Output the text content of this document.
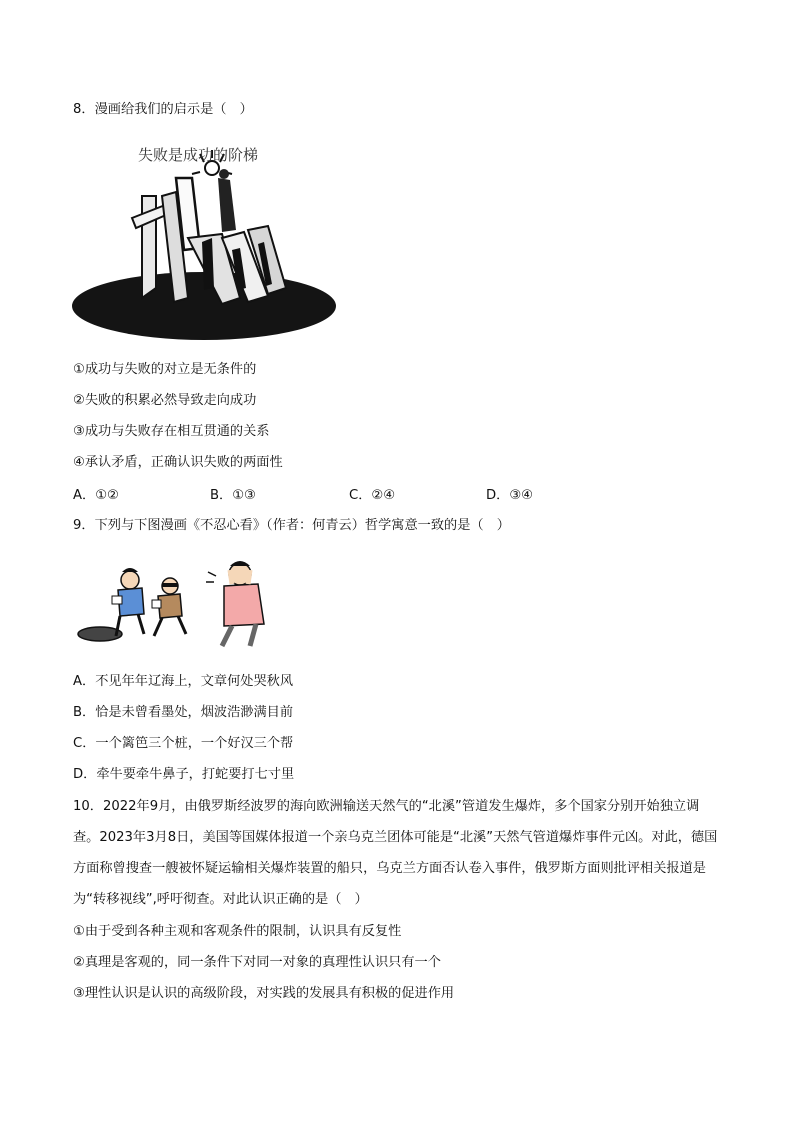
8．漫画给我们的启示是（　）
失败是成功的阶梯
①成功与失败的对立是无条件的
②失败的积累必然导致走向成功
③成功与失败存在相互贯通的关系
④承认矛盾，正确认识失败的两面性
A．①②	B．①③	C．②④	D．③④
9．下列与下图漫画《不忍心看》（作者：何青云）哲学寓意一致的是（　）
A．不见年年辽海上，文章何处哭秋风
B．恰是未曾看墨处，烟波浩渺满目前
C．一个篱笆三个桩，一个好汉三个帮
D．牵牛要牵牛鼻子，打蛇要打七寸里
10．2022年9月，由俄罗斯经波罗的海向欧洲输送天然气的“北溪”管道发生爆炸，多个国家分别开始独立调查。2023年3月8日，美国等国媒体报道一个亲乌克兰团体可能是“北溪”天然气管道爆炸事件元凶。对此，德国方面称曾搜查一艘被怀疑运输相关爆炸装置的船只，乌克兰方面否认卷入事件，俄罗斯方面则批评相关报道是为“转移视线”,呼吁彻查。对此认识正确的是（　）
①由于受到各种主观和客观条件的限制，认识具有反复性
②真理是客观的，同一条件下对同一对象的真理性认识只有一个
③理性认识是认识的高级阶段，对实践的发展具有积极的促进作用
